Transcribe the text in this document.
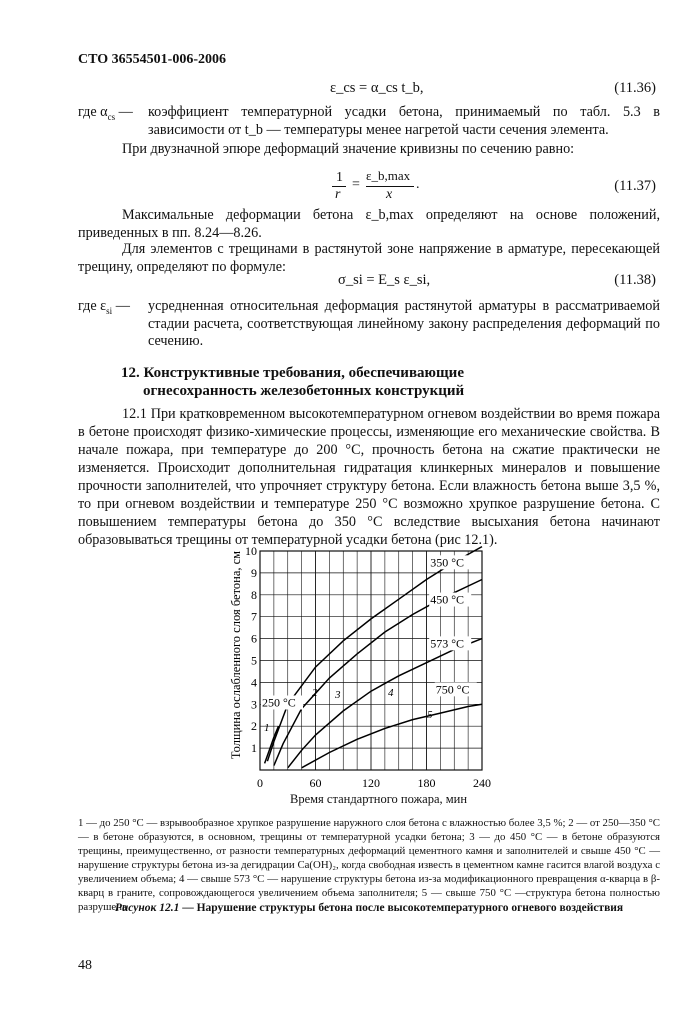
СТО 36554501-006-2006
ε_cs = α_cs t_b,	(11.36)
где $\alpha_{cs}$ — коэффициент температурной усадки бетона, принимаемый по табл. 5.3 в зависимости от t_b — температуры менее нагретой части сечения элемента.
При двузначной эпюре деформаций значение кривизны по сечению равно:
1
r
=
ε_b,max
x
.	(11.37)
Максимальные деформации бетона ε_b,max определяют на основе положений, приведенных в пп. 8.24—8.26.
Для элементов с трещинами в растянутой зоне напряжение в арматуре, пересекающей трещину, определяют по формуле:
σ_si = E_s ε_si,	(11.38)
где $\varepsilon_{si}$ — усредненная относительная деформация растянутой арматуры в рассматриваемой стадии расчета, соответствующая линейному закону распределения деформаций по сечению.
12. Конструктивные требования, обеспечивающие
огнесохранность железобетонных конструкций
12.1 При кратковременном высокотемпературном огневом воздействии во время пожара в бетоне происходят физико-химические процессы, изменяющие его механические свойства. В начале пожара, при температуре до 200 °С, прочность бетона на сжатие практически не изменяется. Происходит дополнительная гидратация клинкерных минералов и повышение прочности заполнителей, что упрочняет структуру бетона. Если влажность бетона выше 3,5 %, то при огневом воздействии и температуре 250 °С возможно хрупкое разрушение бетона. С повышением температуры бетона до 350 °С вследствие высыхания бетона начинают образовываться трещины от температурной усадки бетона (рис 12.1).
1
2
3
4
5
6
7
8
9
10
0	60	120	180	240
Толщина ослабленного слоя бетона, см 1
2 3	4
5
250 °С
350 °С
450 °С
573 °С
750 °С
Время стандартного пожара, мин
1 — до 250 °С — взрывообразное хрупкое разрушение наружного слоя бетона с влажностью более 3,5 %; 2 — от 250—350 °С — в бетоне образуются, в основном, трещины от температурной усадки бетона; 3 — до 450 °С — в бетоне образуются трещины, преимущественно, от разности температурных деформаций цементного камня и заполнителей и свыше 450 °С — нарушение структуры бетона из-за дегидрации Са(ОН)₂, когда свободная известь в цементном камне гасится влагой воздуха с увеличением объема; 4 — свыше 573 °С — нарушение структуры бетона из-за модификационного превращения α-кварца в β-кварц в граните, сопровождающегося увеличением объема заполнителя; 5 — свыше 750 °С —структура бетона полностью разрушена
Рисунок 12.1 — Нарушение структуры бетона после высокотемпературного огневого воздействия
48
